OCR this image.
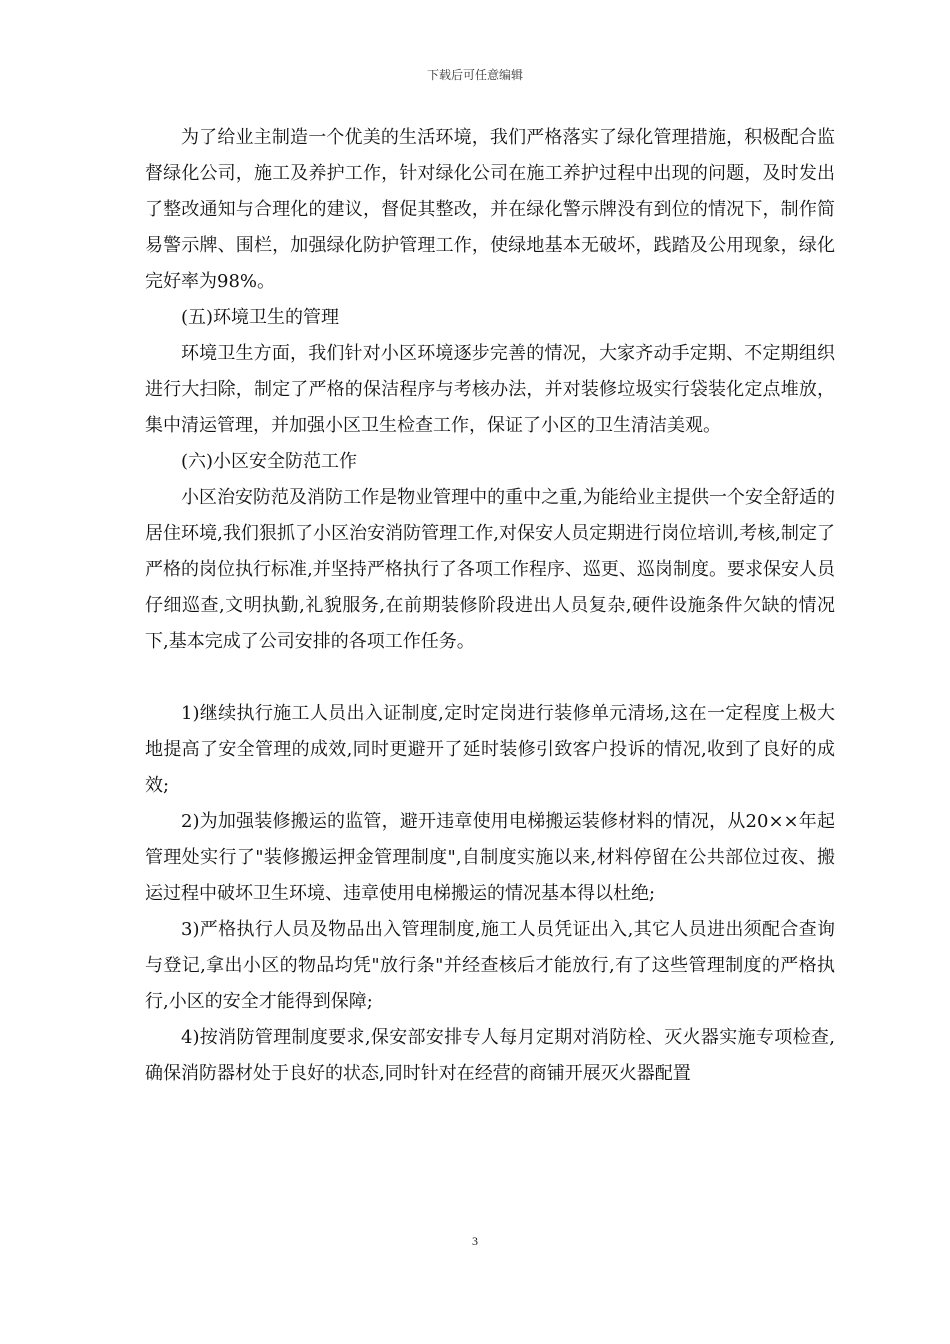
下载后可任意编辑

为了给业主制造一个优美的生活环境，我们严格落实了绿化管理措施，积极配合监督绿化公司，施工及养护工作，针对绿化公司在施工养护过程中出现的问题，及时发出了整改通知与合理化的建议，督促其整改，并在绿化警示牌没有到位的情况下，制作简易警示牌、围栏，加强绿化防护管理工作，使绿地基本无破坏，践踏及公用现象，绿化完好率为98%。

(五)环境卫生的管理

环境卫生方面，我们针对小区环境逐步完善的情况，大家齐动手定期、不定期组织进行大扫除，制定了严格的保洁程序与考核办法，并对装修垃圾实行袋装化定点堆放，集中清运管理，并加强小区卫生检查工作，保证了小区的卫生清洁美观。

(六)小区安全防范工作

小区治安防范及消防工作是物业管理中的重中之重,为能给业主提供一个安全舒适的居住环境,我们狠抓了小区治安消防管理工作,对保安人员定期进行岗位培训,考核,制定了严格的岗位执行标准,并坚持严格执行了各项工作程序、巡更、巡岗制度。要求保安人员仔细巡查,文明执勤,礼貌服务,在前期装修阶段进出人员复杂,硬件设施条件欠缺的情况下,基本完成了公司安排的各项工作任务。

1)继续执行施工人员出入证制度,定时定岗进行装修单元清场,这在一定程度上极大地提高了安全管理的成效,同时更避开了延时装修引致客户投诉的情况,收到了良好的成效;

2)为加强装修搬运的监管，避开违章使用电梯搬运装修材料的情况，从20××年起管理处实行了"装修搬运押金管理制度",自制度实施以来,材料停留在公共部位过夜、搬运过程中破坏卫生环境、违章使用电梯搬运的情况基本得以杜绝;

3)严格执行人员及物品出入管理制度,施工人员凭证出入,其它人员进出须配合查询与登记,拿出小区的物品均凭"放行条"并经查核后才能放行,有了这些管理制度的严格执行,小区的安全才能得到保障;

4)按消防管理制度要求,保安部安排专人每月定期对消防栓、灭火器实施专项检查,确保消防器材处于良好的状态,同时针对在经营的商铺开展灭火器配置

3
